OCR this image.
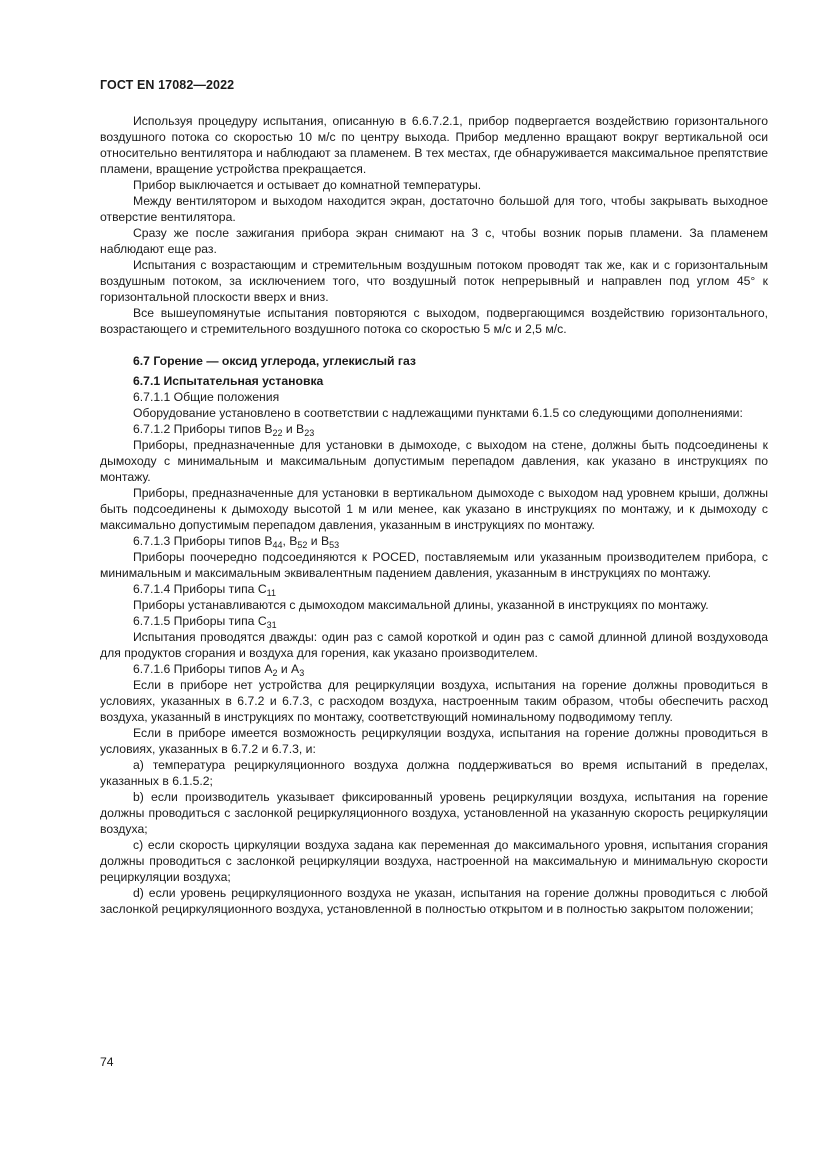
ГОСТ EN 17082—2022

Используя процедуру испытания, описанную в 6.6.7.2.1, прибор подвергается воздействию горизонтального воздушного потока со скоростью 10 м/с по центру выхода. Прибор медленно вращают вокруг вертикальной оси относительно вентилятора и наблюдают за пламенем. В тех местах, где обнаруживается максимальное препятствие пламени, вращение устройства прекращается.

Прибор выключается и остывает до комнатной температуры.

Между вентилятором и выходом находится экран, достаточно большой для того, чтобы закрывать выходное отверстие вентилятора.

Сразу же после зажигания прибора экран снимают на 3 с, чтобы возник порыв пламени. За пламенем наблюдают еще раз.

Испытания с возрастающим и стремительным воздушным потоком проводят так же, как и с горизонтальным воздушным потоком, за исключением того, что воздушный поток непрерывный и направлен под углом 45° к горизонтальной плоскости вверх и вниз.

Все вышеупомянутые испытания повторяются с выходом, подвергающимся воздействию горизонтального, возрастающего и стремительного воздушного потока со скоростью 5 м/с и 2,5 м/с.

6.7 Горение — оксид углерода, углекислый газ
6.7.1 Испытательная установка

6.7.1.1 Общие положения

Оборудование установлено в соответствии с надлежащими пунктами 6.1.5 со следующими дополнениями:

6.7.1.2 Приборы типов $B_{22}$ и $B_{23}$

Приборы, предназначенные для установки в дымоходе, с выходом на стене, должны быть подсоединены к дымоходу с минимальным и максимальным допустимым перепадом давления, как указано в инструкциях по монтажу.

Приборы, предназначенные для установки в вертикальном дымоходе с выходом над уровнем крыши, должны быть подсоединены к дымоходу высотой 1 м или менее, как указано в инструкциях по монтажу, и к дымоходу с максимально допустимым перепадом давления, указанным в инструкциях по монтажу.

6.7.1.3 Приборы типов $B_{44}$, $B_{52}$ и $B_{53}$

Приборы поочередно подсоединяются к POCED, поставляемым или указанным производителем прибора, с минимальным и максимальным эквивалентным падением давления, указанным в инструкциях по монтажу.

6.7.1.4 Приборы типа $C_{11}$

Приборы устанавливаются с дымоходом максимальной длины, указанной в инструкциях по монтажу.

6.7.1.5 Приборы типа $C_{31}$

Испытания проводятся дважды: один раз с самой короткой и один раз с самой длинной длиной воздуховода для продуктов сгорания и воздуха для горения, как указано производителем.

6.7.1.6 Приборы типов $A_2$ и $A_3$

Если в приборе нет устройства для рециркуляции воздуха, испытания на горение должны проводиться в условиях, указанных в 6.7.2 и 6.7.3, с расходом воздуха, настроенным таким образом, чтобы обеспечить расход воздуха, указанный в инструкциях по монтажу, соответствующий номинальному подводимому теплу.

Если в приборе имеется возможность рециркуляции воздуха, испытания на горение должны проводиться в условиях, указанных в 6.7.2 и 6.7.3, и:

a) температура рециркуляционного воздуха должна поддерживаться во время испытаний в пределах, указанных в 6.1.5.2;

b) если производитель указывает фиксированный уровень рециркуляции воздуха, испытания на горение должны проводиться с заслонкой рециркуляционного воздуха, установленной на указанную скорость рециркуляции воздуха;

c) если скорость циркуляции воздуха задана как переменная до максимального уровня, испытания сгорания должны проводиться с заслонкой рециркуляции воздуха, настроенной на максимальную и минимальную скорости рециркуляции воздуха;

d) если уровень рециркуляционного воздуха не указан, испытания на горение должны проводиться с любой заслонкой рециркуляционного воздуха, установленной в полностью открытом и в полностью закрытом положении;

74
